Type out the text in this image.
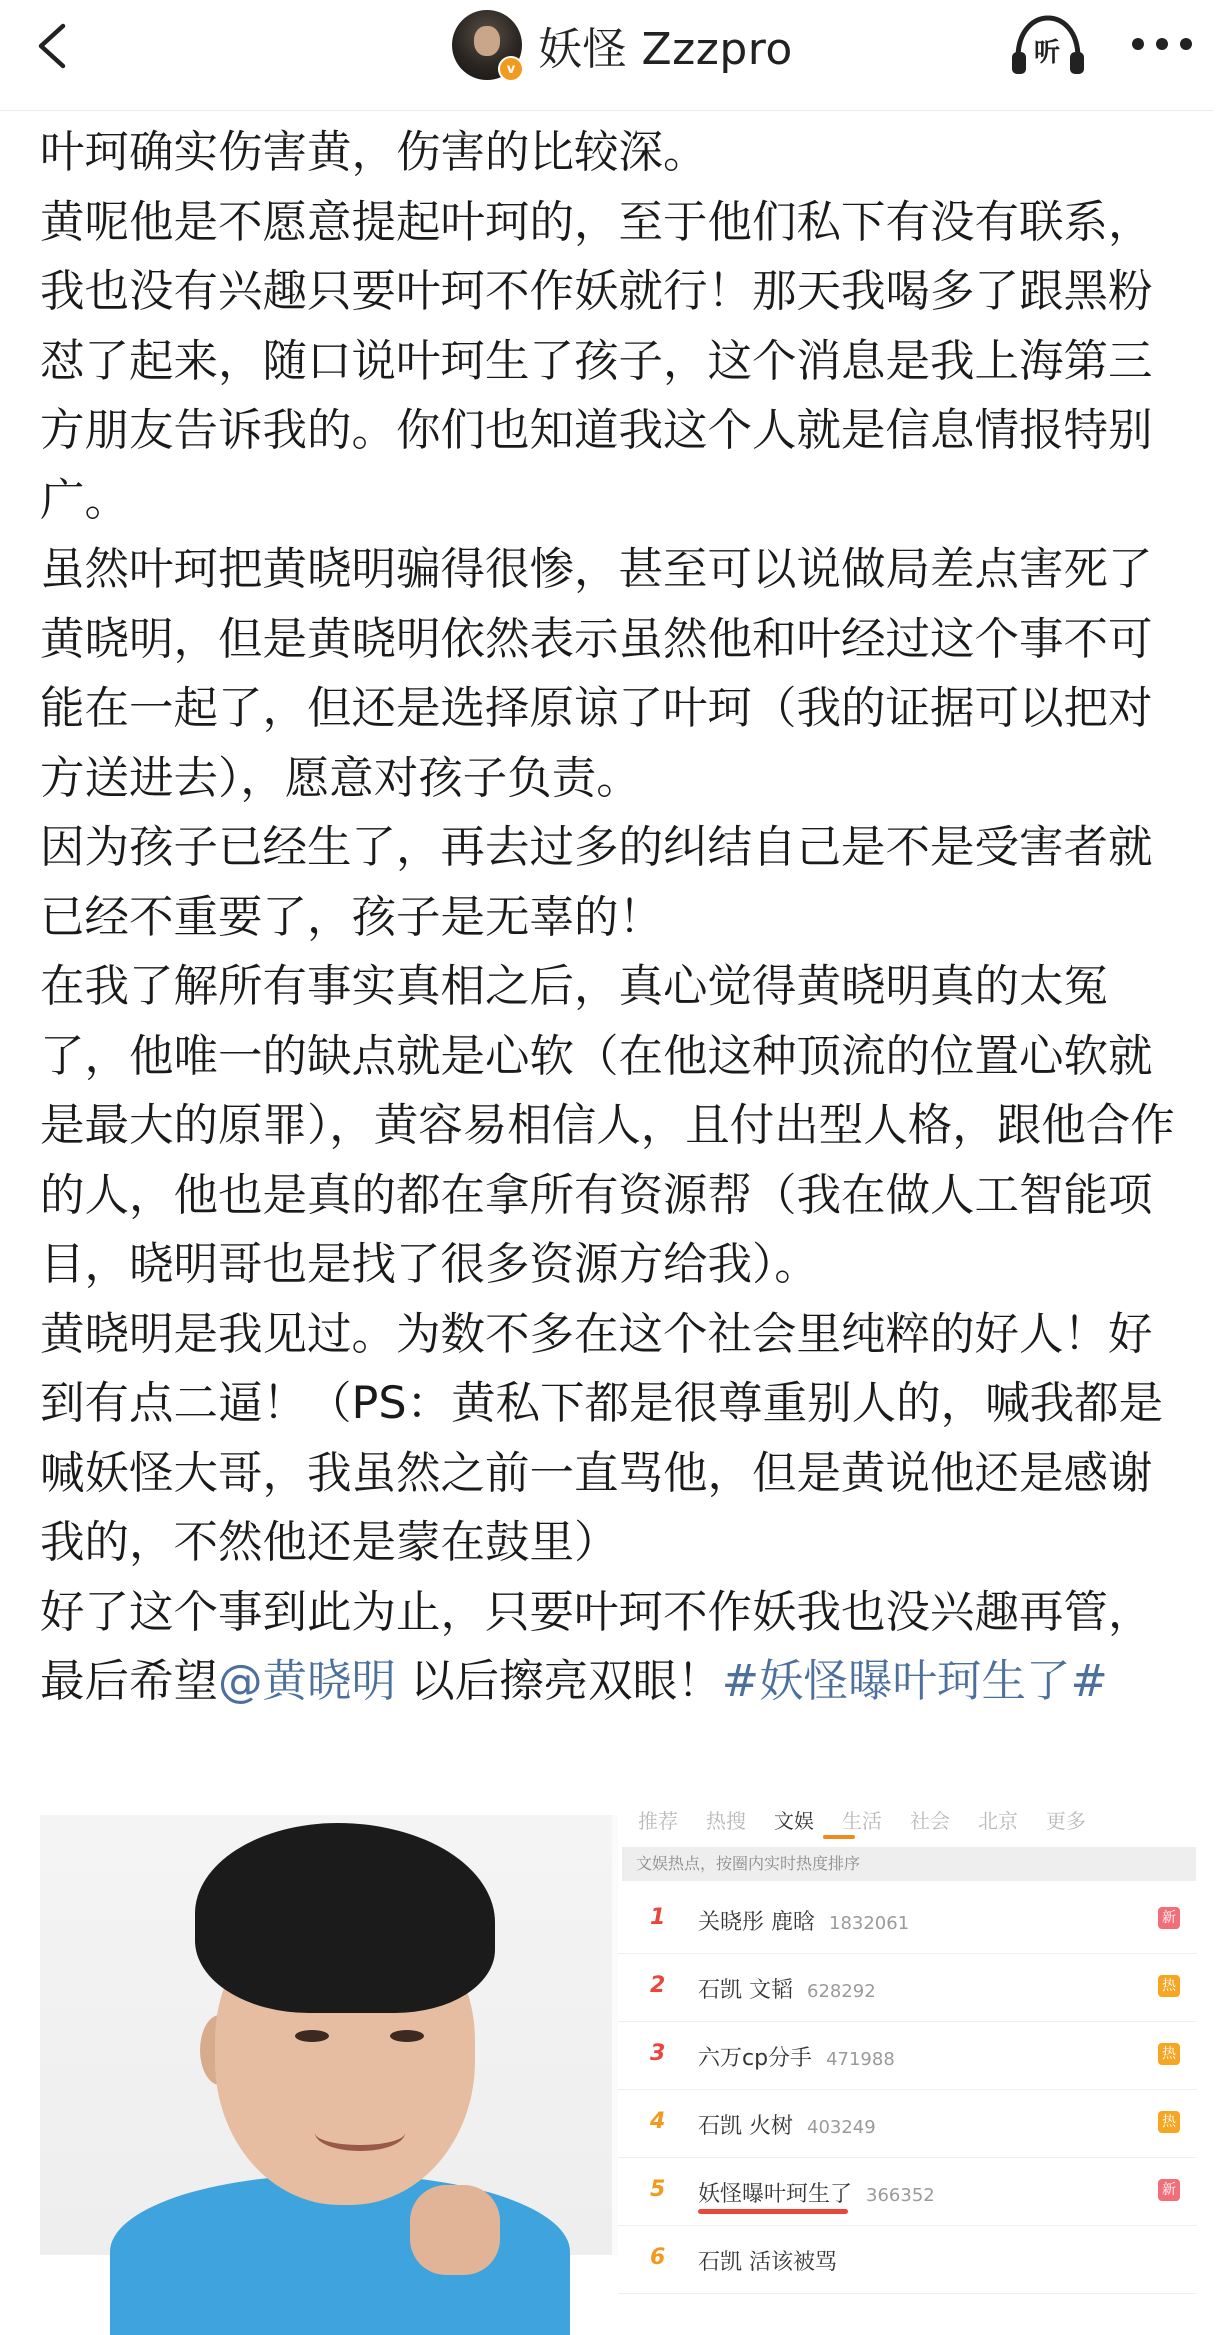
v 妖怪 Zzzpro	听

叶珂确实伤害黄，伤害的比较深。

黄呢他是不愿意提起叶珂的，至于他们私下有没有联系，我也没有兴趣只要叶珂不作妖就行！那天我喝多了跟黑粉怼了起来，随口说叶珂生了孩子，这个消息是我上海第三方朋友告诉我的。你们也知道我这个人就是信息情报特别广。

虽然叶珂把黄晓明骗得很惨，甚至可以说做局差点害死了黄晓明，但是黄晓明依然表示虽然他和叶经过这个事不可能在一起了，但还是选择原谅了叶珂（我的证据可以把对方送进去），愿意对孩子负责。

因为孩子已经生了，再去过多的纠结自己是不是受害者就已经不重要了，孩子是无辜的！

在我了解所有事实真相之后，真心觉得黄晓明真的太冤了，他唯一的缺点就是心软（在他这种顶流的位置心软就是最大的原罪），黄容易相信人，且付出型人格，跟他合作的人，他也是真的都在拿所有资源帮（我在做人工智能项目，晓明哥也是找了很多资源方给我）。

黄晓明是我见过。为数不多在这个社会里纯粹的好人！好到有点二逼！（PS：黄私下都是很尊重别人的，喊我都是喊妖怪大哥，我虽然之前一直骂他，但是黄说他还是感谢我的，不然他还是蒙在鼓里）

好了这个事到此为止，只要叶珂不作妖我也没兴趣再管，最后希望@黄晓明 以后擦亮双眼！#妖怪曝叶珂生了#

推荐 热搜 文娱 生活 社会 北京 更多
文娱热点，按圈内实时热度排序
1 关晓彤 鹿晗 1832061	新
2 石凯 文韬 628292	热
3 六万cp分手 471988	热
4 石凯 火树 403249	热
5 妖怪曝叶珂生了 366352	新
6 石凯 活该被骂
